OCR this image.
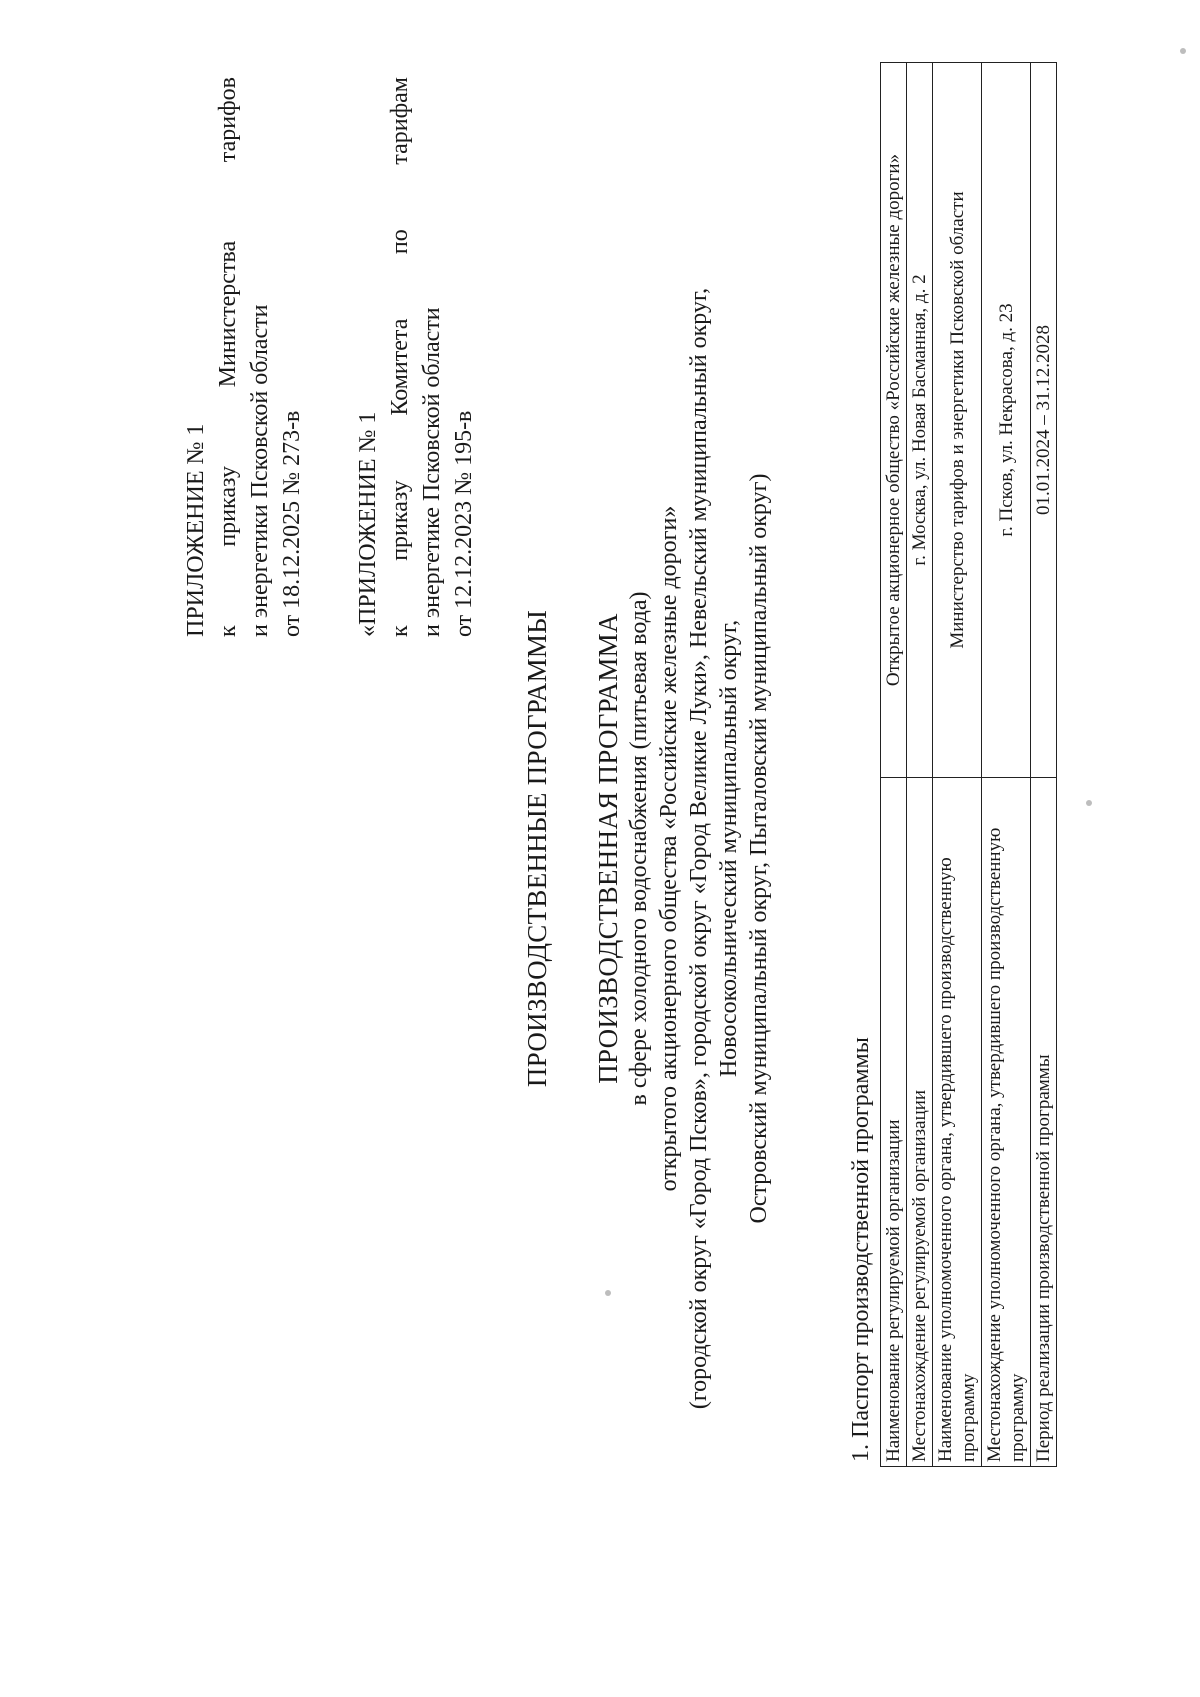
ПРИЛОЖЕНИЕ № 1 к
приказу
Министерства
тарифов
и энергетики Псковской области от 18.12.2025 № 273-в «ПРИЛОЖЕНИЕ № 1 к
приказу
Комитета
по
тарифам
и энергетике Псковской области от 12.12.2023 № 195-в
ПРОИЗВОДСТВЕННЫЕ ПРОГРАММЫ ПРОИЗВОДСТВЕННАЯ ПРОГРАММА в сфере холодного водоснабжения (питьевая вода) открытого акционерного общества «Российские железные дороги» (городской округ «Город Псков», городской округ «Город Великие Луки», Невельский муниципальный округ, Новосокольнический муниципальный округ, Островский муниципальный округ, Пыталовский муниципальный округ)
1. Паспорт производственной программы Наименование регулируемой организации	Открытое акционерное общество «Российские железные дороги»
Местонахождение регулируемой организации	г. Москва, ул. Новая Басманная, д. 2
Наименование уполномоченного органа, утвердившего производственную программу	Министерство тарифов и энергетики Псковской области
Местонахождение уполномоченного органа, утвердившего производственную программу	г. Псков, ул. Некрасова, д. 23
Период реализации производственной программы	01.01.2024 – 31.12.2028
